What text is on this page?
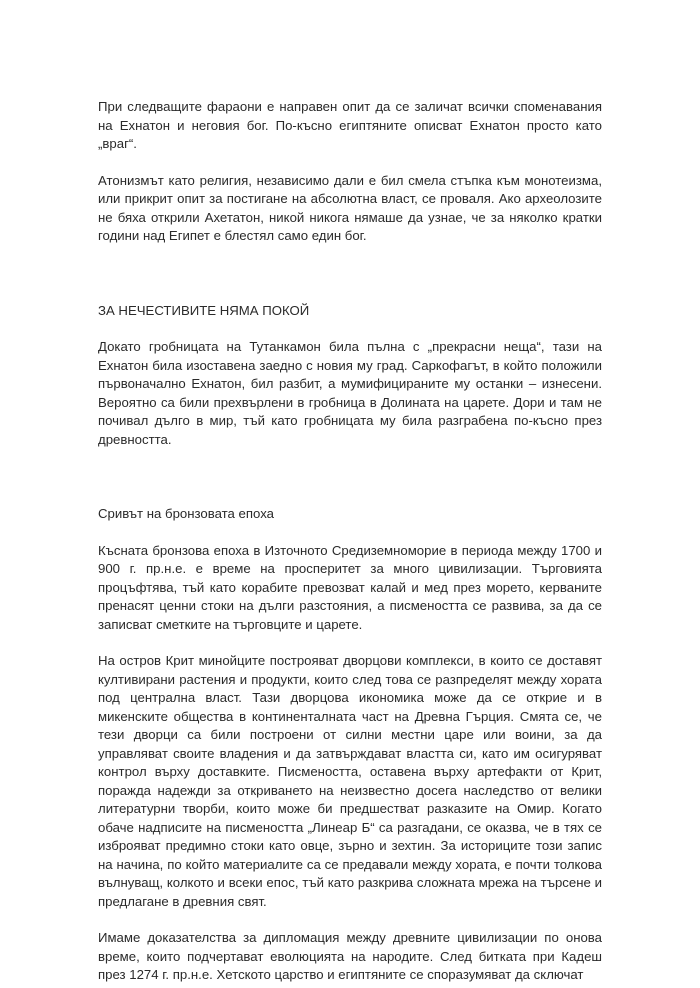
При следващите фараони е направен опит да се заличат всички споменавания на Ехнатон и неговия бог. По-късно египтяните описват Ехнатон просто като „враг“.

Атонизмът като религия, независимо дали е бил смела стъпка към монотеизма, или прикрит опит за постигане на абсолютна власт, се проваля. Ако археолозите не бяха открили Ахетатон, никой никога нямаше да узнае, че за няколко кратки години над Египет е блестял само един бог.

ЗА НЕЧЕСТИВИТЕ НЯМА ПОКОЙ

Докато гробницата на Тутанкамон била пълна с „прекрасни неща“, тази на Ехнатон била изоставена заедно с новия му град. Саркофагът, в който положили първоначално Ехнатон, бил разбит, а мумифицираните му останки – изнесени. Вероятно са били прехвърлени в гробница в Долината на царете. Дори и там не почивал дълго в мир, тъй като гробницата му била разграбена по-късно през древността.

Сривът на бронзовата епоха

Късната бронзова епоха в Източното Средиземноморие в периода между 1700 и 900 г. пр.н.е. е време на просперитет за много цивилизации. Търговията процъфтява, тъй като корабите превозват калай и мед през морето, керваните пренасят ценни стоки на дълги разстояния, а писмеността се развива, за да се записват сметките на търговците и царете.

На остров Крит минойците построяват дворцови комплекси, в които се доставят култивирани растения и продукти, които след това се разпределят между хората под централна власт. Тази дворцова икономика може да се открие и в микенските общества в континенталната част на Древна Гърция. Смята се, че тези дворци са били построени от силни местни царе или воини, за да управляват своите владения и да затвърждават властта си, като им осигуряват контрол върху доставките. Писмеността, оставена върху артефакти от Крит, поражда надежди за откриването на неизвестно досега наследство от велики литературни творби, които може би предшестват разказите на Омир. Когато обаче надписите на писмеността „Линеар Б“ са разгадани, се оказва, че в тях се изброяват предимно стоки като овце, зърно и зехтин. За историците този запис на начина, по който материалите са се предавали между хората, е почти толкова вълнуващ, колкото и всеки епос, тъй като разкрива сложната мрежа на търсене и предлагане в древния свят.

Имаме доказателства за дипломация между древните цивилизации по онова време, които подчертават еволюцията на народите. След битката при Кадеш през 1274 г. пр.н.е. Хетското царство и египтяните се споразумяват да сключат
